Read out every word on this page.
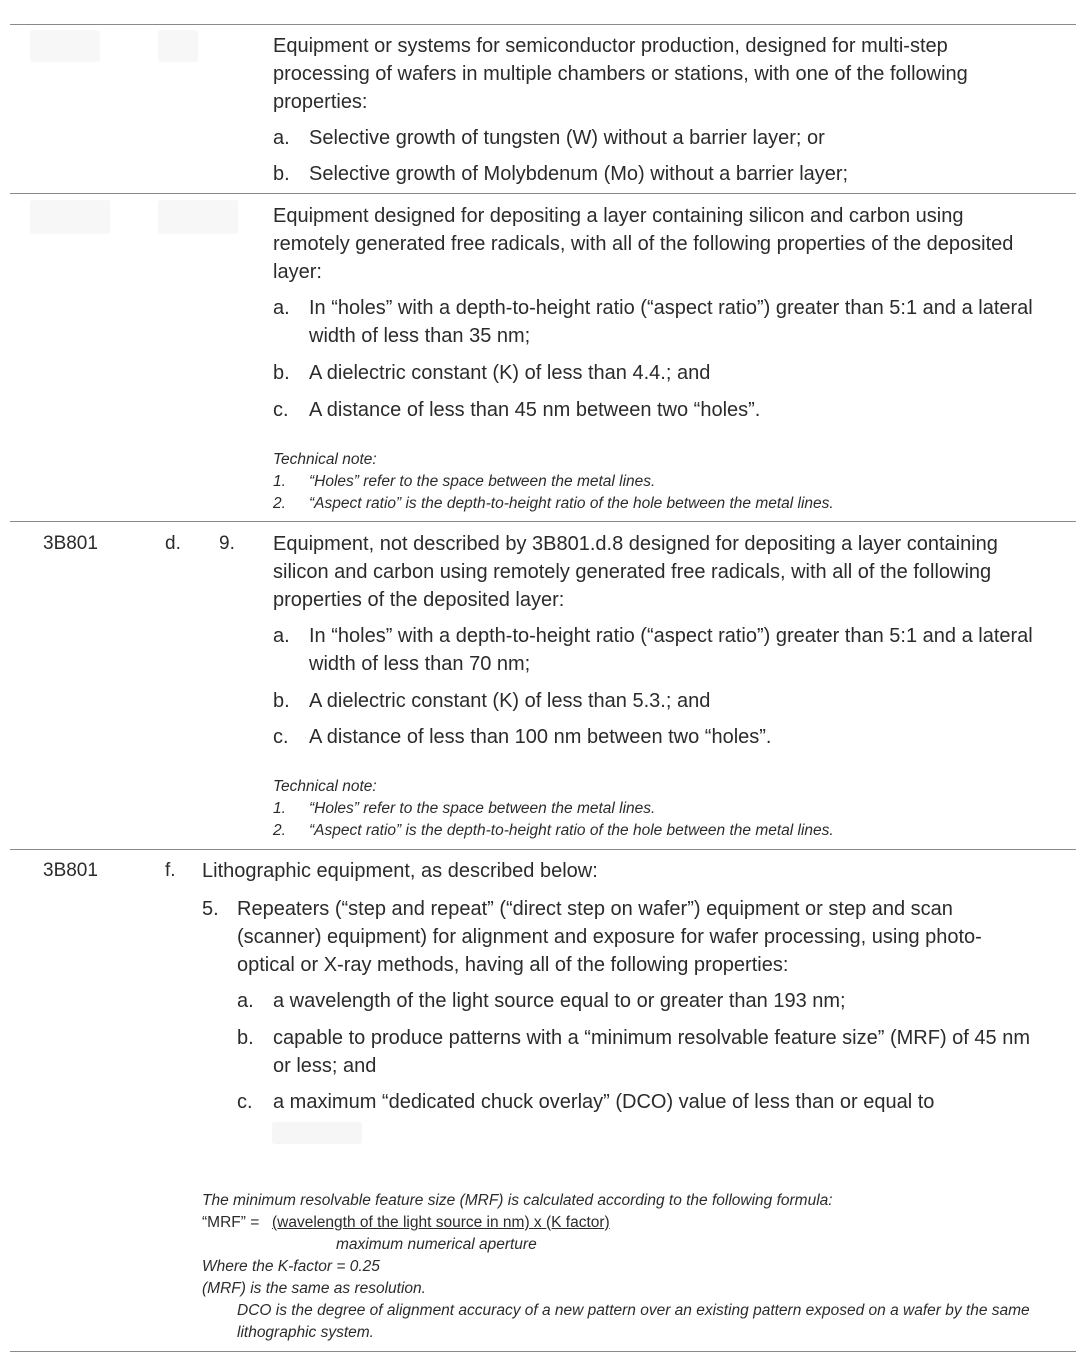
Equipment or systems for semiconductor production, designed for multi-step processing of wafers in multiple chambers or stations, with one of the following properties:
a. Selective growth of tungsten (W) without a barrier layer; or
b. Selective growth of Molybdenum (Mo) without a barrier layer;
Equipment designed for depositing a layer containing silicon and carbon using remotely generated free radicals, with all of the following properties of the deposited layer:
a. In “holes” with a depth-to-height ratio (“aspect ratio”) greater than 5:1 and a lateral width of less than 35 nm;
b. A dielectric constant (K) of less than 4.4.; and
c. A distance of less than 45 nm between two “holes”.
Technical note:
1. “Holes” refer to the space between the metal lines.
2. “Aspect ratio” is the depth-to-height ratio of the hole between the metal lines.
3B801	d. 9. Equipment, not described by 3B801.d.8 designed for depositing a layer containing silicon and carbon using remotely generated free radicals, with all of the following properties of the deposited layer:
a. In “holes” with a depth-to-height ratio (“aspect ratio”) greater than 5:1 and a lateral width of less than 70 nm;
b. A dielectric constant (K) of less than 5.3.; and
c. A distance of less than 100 nm between two “holes”.
Technical note:
1. “Holes” refer to the space between the metal lines.
2. “Aspect ratio” is the depth-to-height ratio of the hole between the metal lines.
3B801	f. Lithographic equipment, as described below:
5. Repeaters (“step and repeat” (“direct step on wafer”) equipment or step and scan (scanner) equipment) for alignment and exposure for wafer processing, using photo-optical or X-ray methods, having all of the following properties:
a. a wavelength of the light source equal to or greater than 193 nm;
b. capable to produce patterns with a “minimum resolvable feature size” (MRF) of 45 nm or less; and
c. a maximum “dedicated chuck overlay” (DCO) value of less than or equal to
The minimum resolvable feature size (MRF) is calculated according to the following formula:
“MRF” = (wavelength of the light source in nm) x (K factor)
maximum numerical aperture
Where the K-factor = 0.25
(MRF) is the same as resolution.
DCO is the degree of alignment accuracy of a new pattern over an existing pattern exposed on a wafer by the same lithographic system.
